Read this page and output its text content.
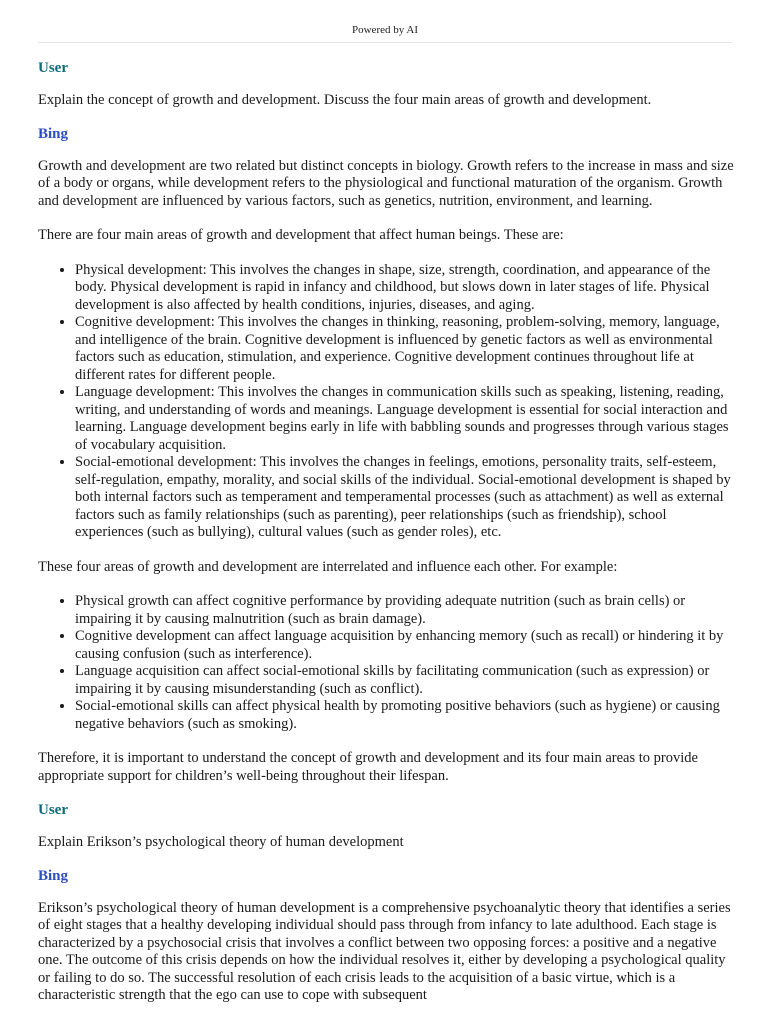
Powered by AI
User

Explain the concept of growth and development. Discuss the four main areas of growth and development.

Bing

Growth and development are two related but distinct concepts in biology. Growth refers to the increase in mass and size of a body or organs, while development refers to the physiological and functional maturation of the organism. Growth and development are influenced by various factors, such as genetics, nutrition, environment, and learning.

There are four main areas of growth and development that affect human beings. These are:

• Physical development: This involves the changes in shape, size, strength, coordination, and appearance of the body. Physical development is rapid in infancy and childhood, but slows down in later stages of life. Physical development is also affected by health conditions, injuries, diseases, and aging.
• Cognitive development: This involves the changes in thinking, reasoning, problem-solving, memory, language, and intelligence of the brain. Cognitive development is influenced by genetic factors as well as environmental factors such as education, stimulation, and experience. Cognitive development continues throughout life at different rates for different people.
• Language development: This involves the changes in communication skills such as speaking, listening, reading, writing, and understanding of words and meanings. Language development is essential for social interaction and learning. Language development begins early in life with babbling sounds and progresses through various stages of vocabulary acquisition.
• Social-emotional development: This involves the changes in feelings, emotions, personality traits, self-esteem, self-regulation, empathy, morality, and social skills of the individual. Social-emotional development is shaped by both internal factors such as temperament and temperamental processes (such as attachment) as well as external factors such as family relationships (such as parenting), peer relationships (such as friendship), school experiences (such as bullying), cultural values (such as gender roles), etc.

These four areas of growth and development are interrelated and influence each other. For example:

• Physical growth can affect cognitive performance by providing adequate nutrition (such as brain cells) or impairing it by causing malnutrition (such as brain damage).
• Cognitive development can affect language acquisition by enhancing memory (such as recall) or hindering it by causing confusion (such as interference).
• Language acquisition can affect social-emotional skills by facilitating communication (such as expression) or impairing it by causing misunderstanding (such as conflict).
• Social-emotional skills can affect physical health by promoting positive behaviors (such as hygiene) or causing negative behaviors (such as smoking).

Therefore, it is important to understand the concept of growth and development and its four main areas to provide appropriate support for children’s well-being throughout their lifespan.

User

Explain Erikson’s psychological theory of human development

Bing

Erikson’s psychological theory of human development is a comprehensive psychoanalytic theory that identifies a series of eight stages that a healthy developing individual should pass through from infancy to late adulthood. Each stage is characterized by a psychosocial crisis that involves a conflict between two opposing forces: a positive and a negative one. The outcome of this crisis depends on how the individual resolves it, either by developing a psychological quality or failing to do so. The successful resolution of each crisis leads to the acquisition of a basic virtue, which is a characteristic strength that the ego can use to cope with subsequent
